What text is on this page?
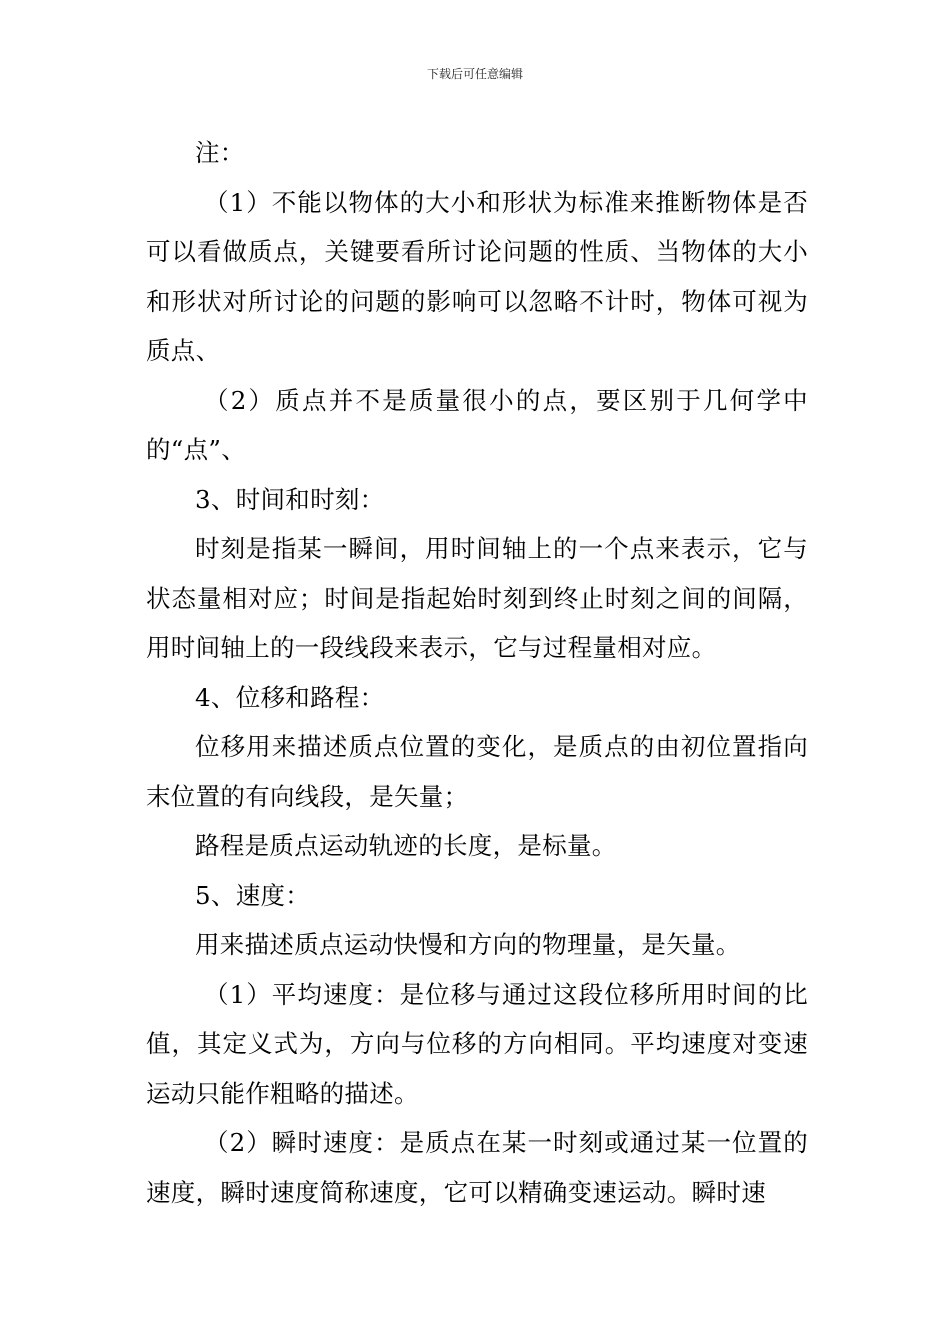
下载后可任意编辑

注：

（1）不能以物体的大小和形状为标准来推断物体是否可以看做质点，关键要看所讨论问题的性质、当物体的大小和形状对所讨论的问题的影响可以忽略不计时，物体可视为质点、

（2）质点并不是质量很小的点，要区别于几何学中的“点”、

3、时间和时刻：

时刻是指某一瞬间，用时间轴上的一个点来表示，它与状态量相对应；时间是指起始时刻到终止时刻之间的间隔，用时间轴上的一段线段来表示，它与过程量相对应。

4、位移和路程：

位移用来描述质点位置的变化，是质点的由初位置指向末位置的有向线段，是矢量；

路程是质点运动轨迹的长度，是标量。

5、速度：

用来描述质点运动快慢和方向的物理量，是矢量。

（1）平均速度：是位移与通过这段位移所用时间的比值，其定义式为，方向与位移的方向相同。平均速度对变速运动只能作粗略的描述。

（2）瞬时速度：是质点在某一时刻或通过某一位置的速度，瞬时速度简称速度，它可以精确变速运动。瞬时速
